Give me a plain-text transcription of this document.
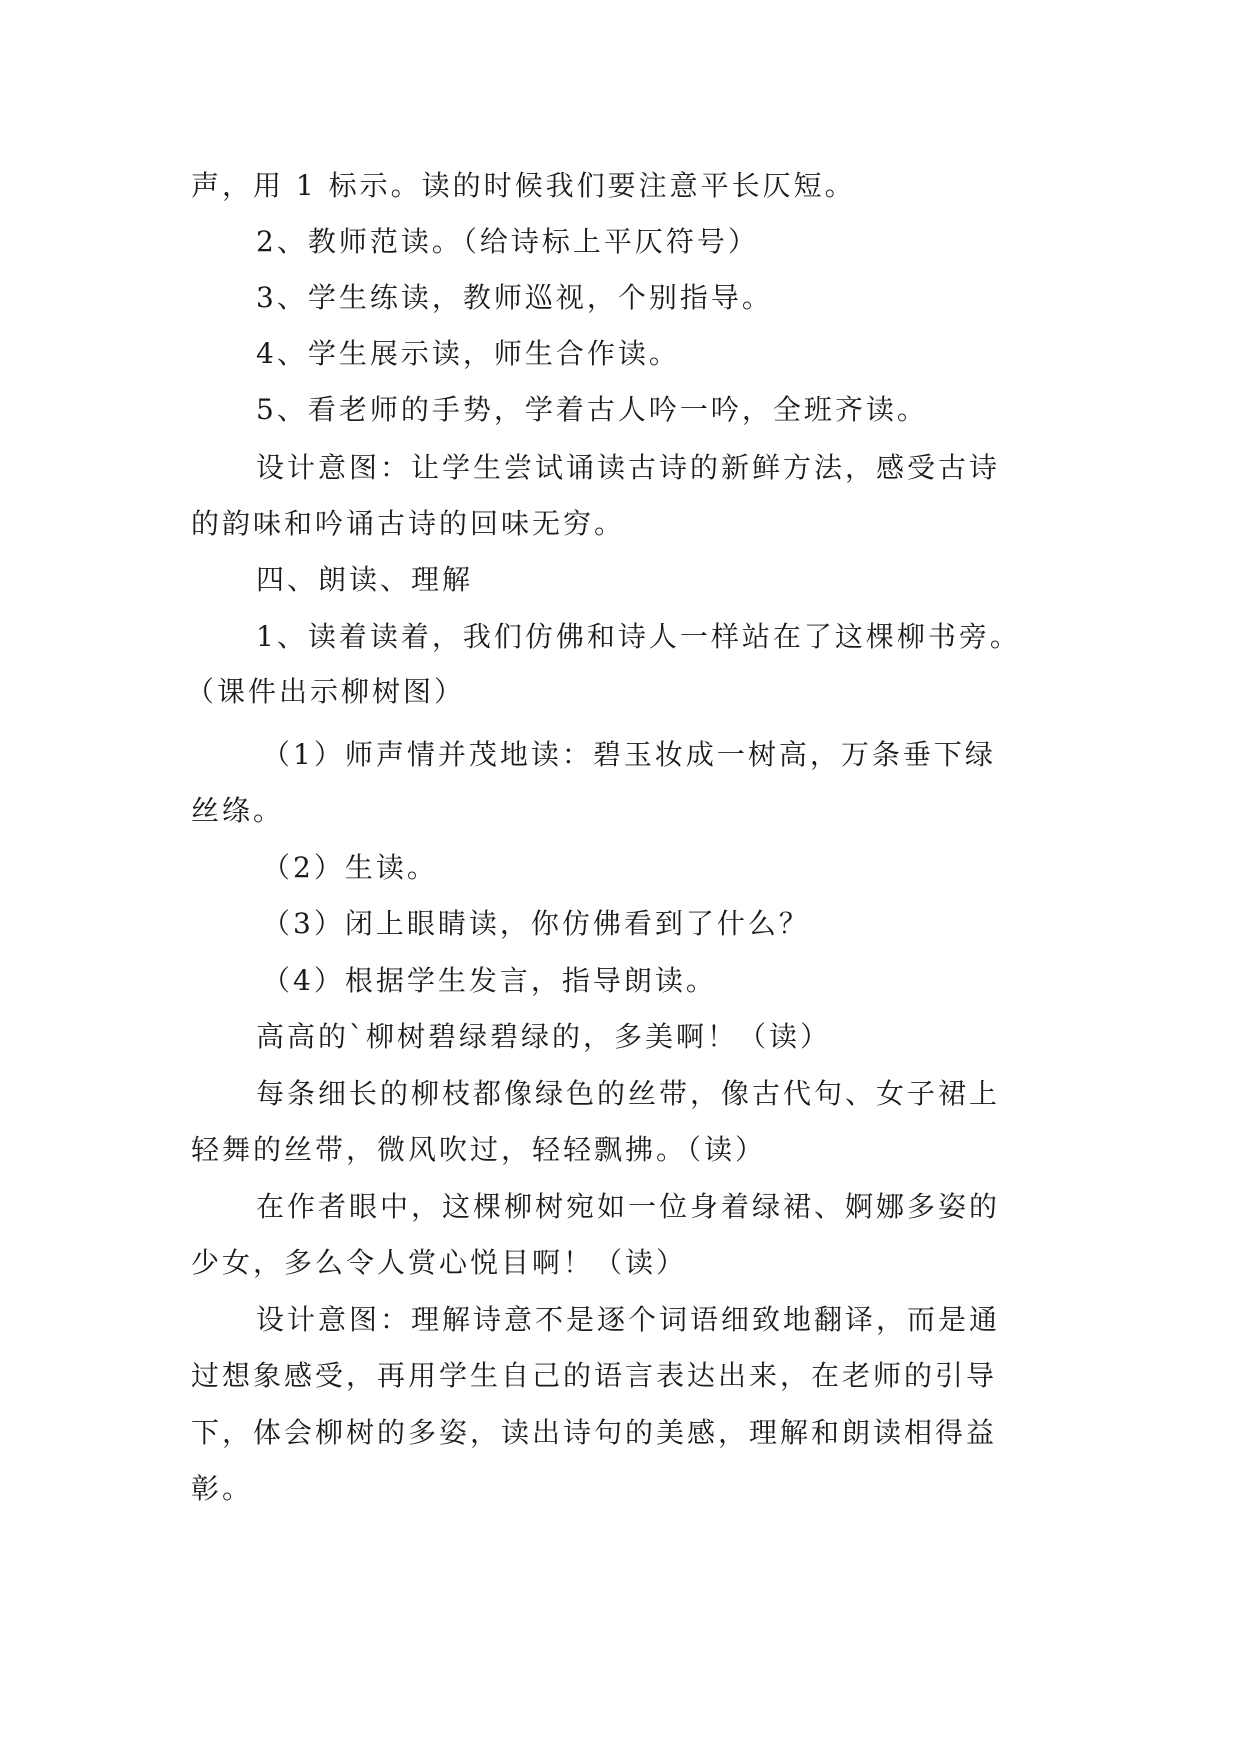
声，用 1 标示。读的时候我们要注意平长仄短。
2、教师范读。（给诗标上平仄符号）
3、学生练读，教师巡视，个别指导。
4、学生展示读，师生合作读。
5、看老师的手势，学着古人吟一吟，全班齐读。
设计意图：让学生尝试诵读古诗的新鲜方法，感受古诗
的韵味和吟诵古诗的回味无穷。
四、朗读、理解
1、读着读着，我们仿佛和诗人一样站在了这棵柳书旁。
（课件出示柳树图）
（1）师声情并茂地读：碧玉妆成一树高，万条垂下绿
丝绦。
（2）生读。
（3）闭上眼睛读，你仿佛看到了什么？
（4）根据学生发言，指导朗读。
高高的`柳树碧绿碧绿的，多美啊！（读）
每条细长的柳枝都像绿色的丝带，像古代句、女子裙上
轻舞的丝带，微风吹过，轻轻飘拂。（读）
在作者眼中，这棵柳树宛如一位身着绿裙、婀娜多姿的
少女，多么令人赏心悦目啊！（读）
设计意图：理解诗意不是逐个词语细致地翻译，而是通
过想象感受，再用学生自己的语言表达出来，在老师的引导
下，体会柳树的多姿，读出诗句的美感，理解和朗读相得益
彰。
